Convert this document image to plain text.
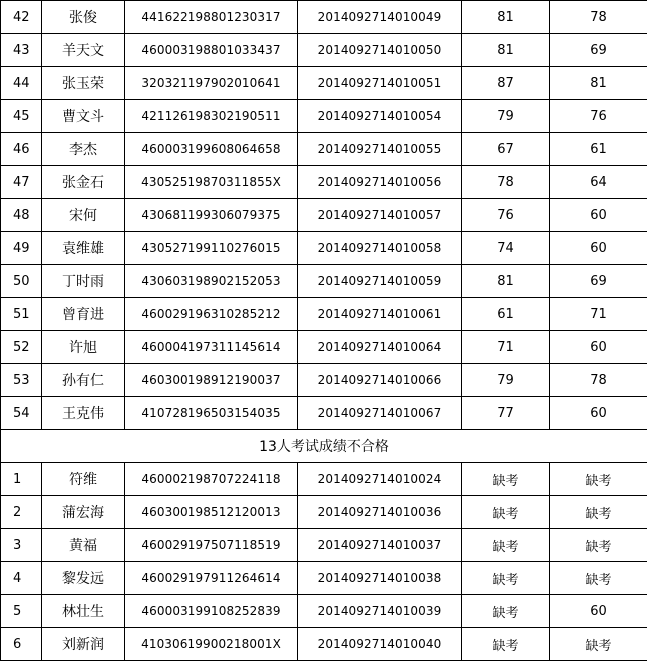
42	张俊	441622198801230317	2014092714010049	81	78
43	羊天文	460003198801033437	2014092714010050	81	69
44	张玉荣	320321197902010641	2014092714010051	87	81
45	曹文斗	421126198302190511	2014092714010054	79	76
46	李杰	460003199608064658	2014092714010055	67	61
47	张金石	43052519870311855X	2014092714010056	78	64
48	宋何	430681199306079375	2014092714010057	76	60
49	袁维雄	430527199110276015	2014092714010058	74	60
50	丁时雨	430603198902152053	2014092714010059	81	69
51	曾育进	460029196310285212	2014092714010061	61	71
52	许旭	460004197311145614	2014092714010064	71	60
53	孙有仁	460300198912190037	2014092714010066	79	78
54	王克伟	410728196503154035	2014092714010067	77	60
13人考试成绩不合格					
1	符维	460002198707224118	2014092714010024	缺考	缺考
2	蒲宏海	460300198512120013	2014092714010036	缺考	缺考
3	黄福	460029197507118519	2014092714010037	缺考	缺考
4	黎发远	460029197911264614	2014092714010038	缺考	缺考
5	林壮生	460003199108252839	2014092714010039	缺考	60
6	刘新润	41030619900218001X	2014092714010040	缺考	缺考
